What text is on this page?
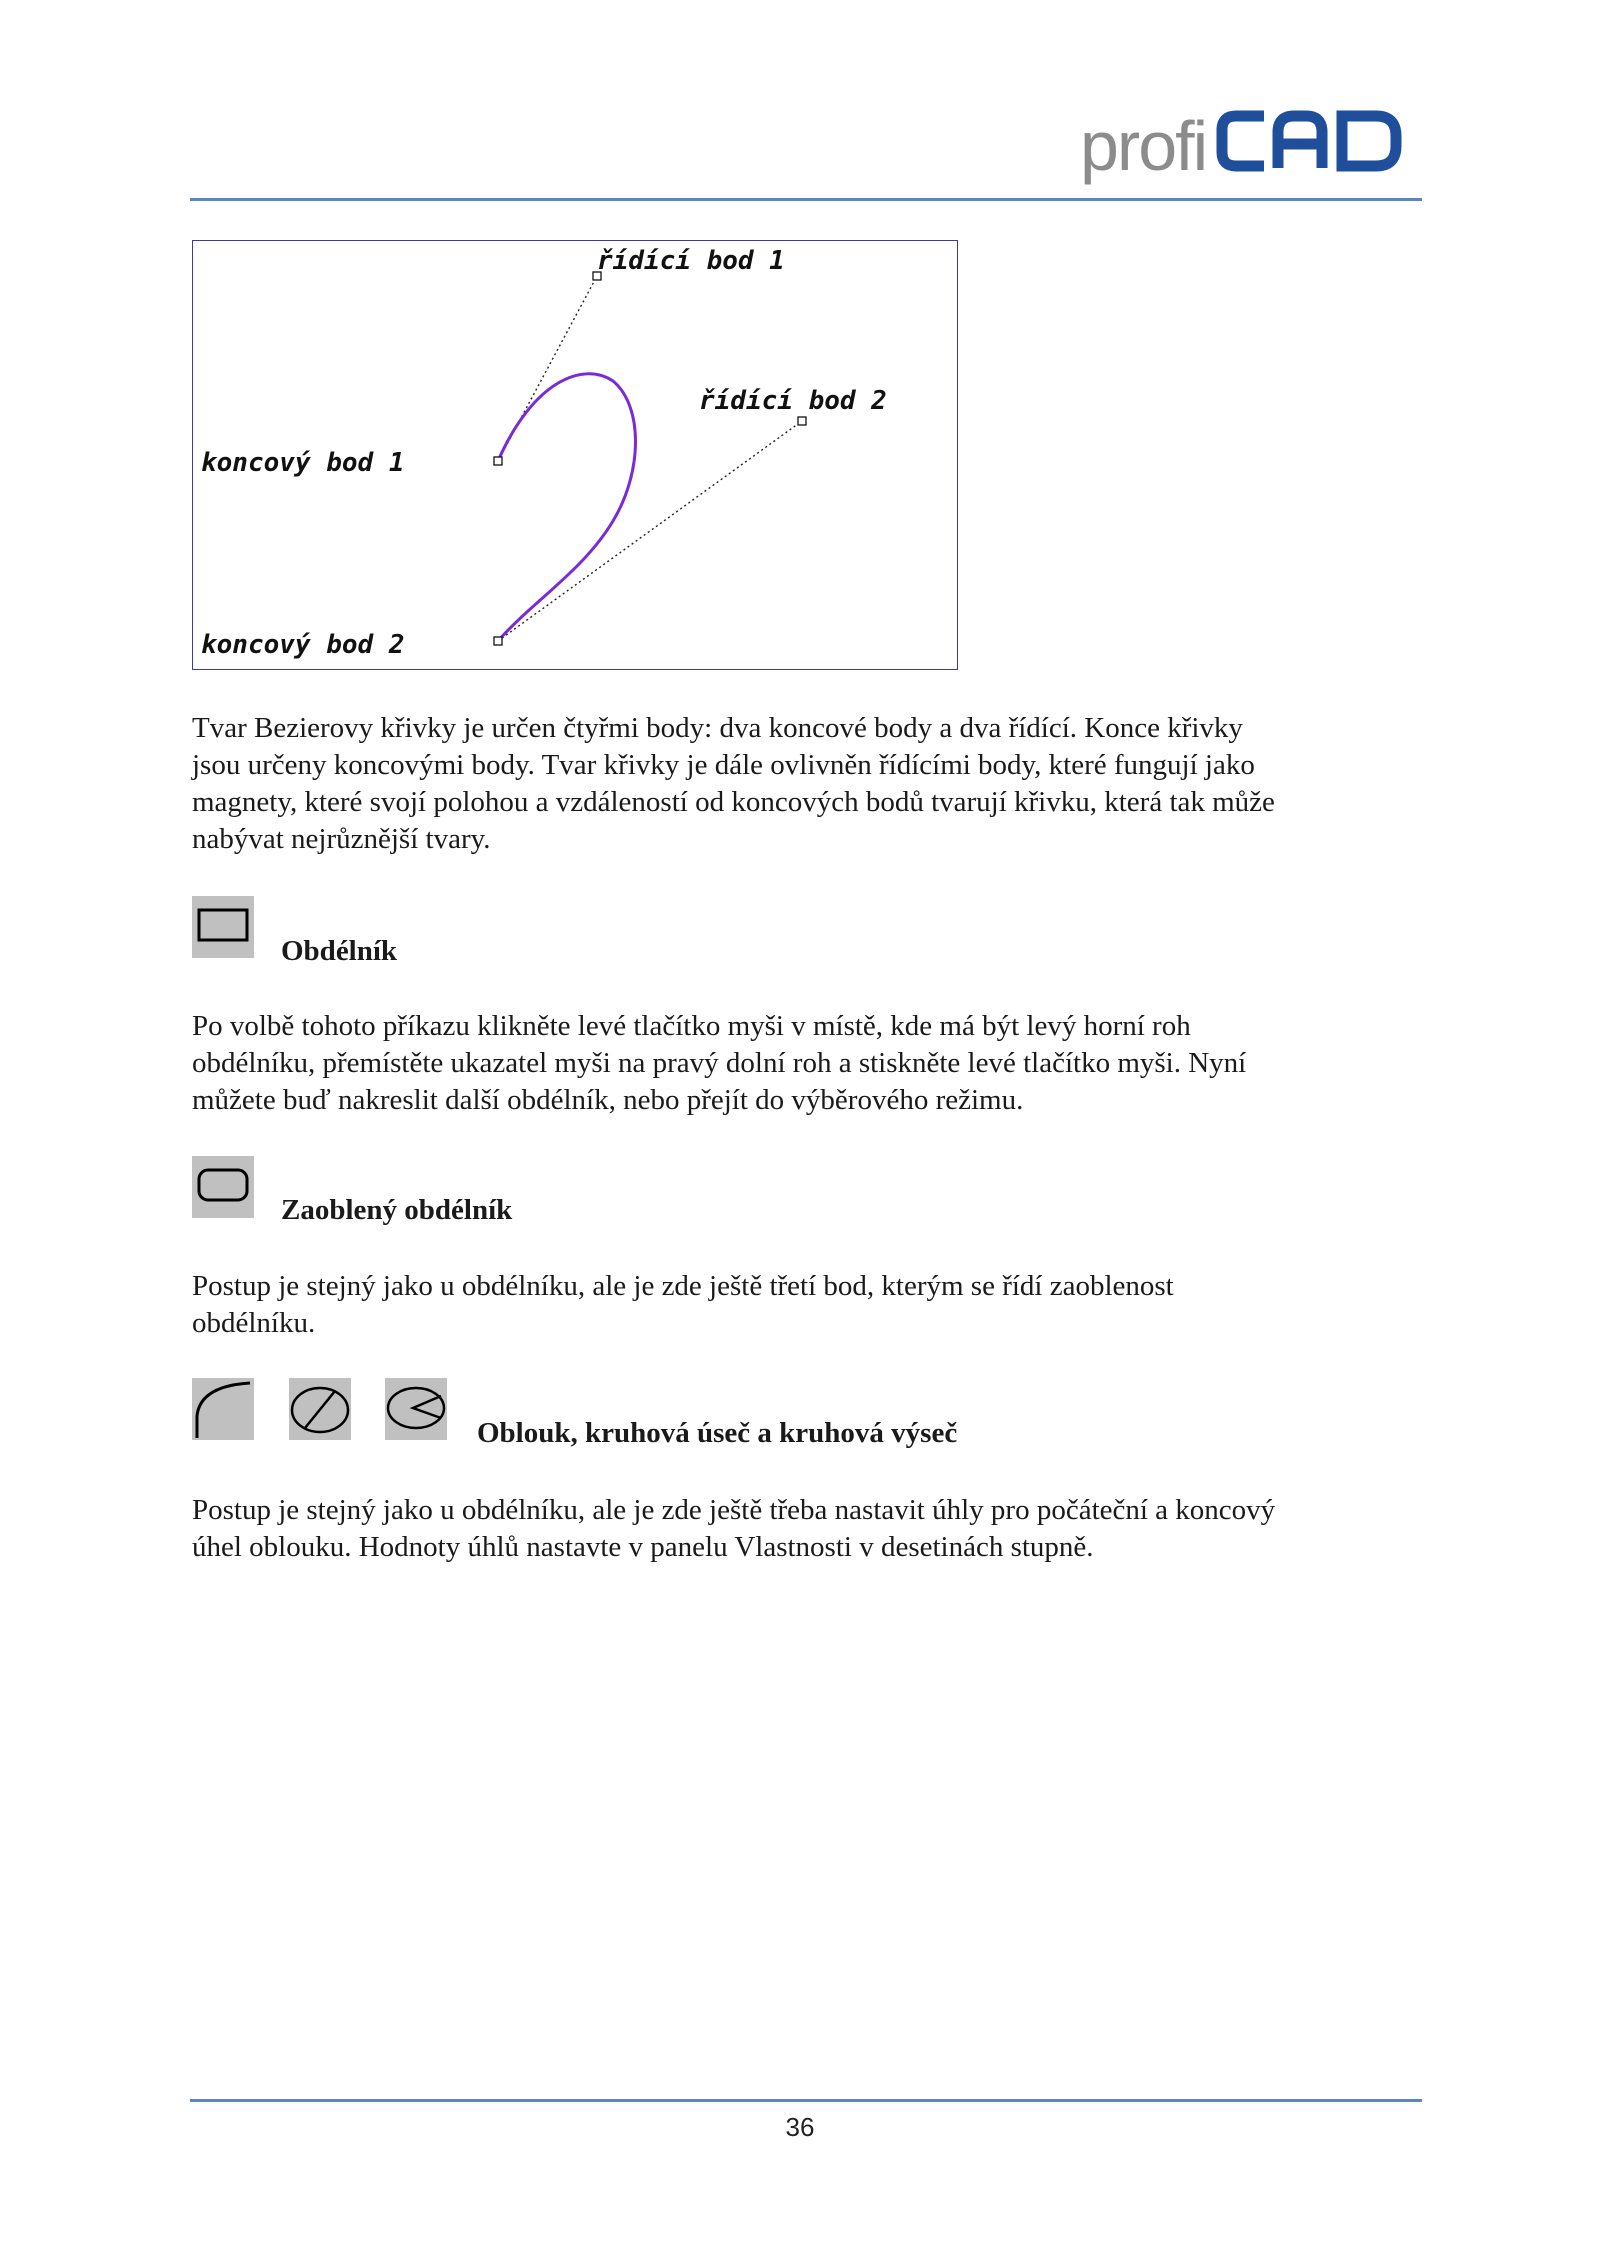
profi
řídící bod 1
řídící bod 2
koncový bod 1
koncový bod 2
Tvar Bezierovy křivky je určen čtyřmi body: dva koncové body a dva řídící. Konce křivky
jsou určeny koncovými body. Tvar křivky je dále ovlivněn řídícími body, které fungují jako
magnety, které svojí polohou a vzdáleností od koncových bodů tvarují křivku, která tak může
nabývat nejrůznější tvary.
Obdélník
Po volbě tohoto příkazu klikněte levé tlačítko myši v místě, kde má být levý horní roh
obdélníku, přemístěte ukazatel myši na pravý dolní roh a stiskněte levé tlačítko myši. Nyní
můžete buď nakreslit další obdélník, nebo přejít do výběrového režimu.
Zaoblený obdélník
Postup je stejný jako u obdélníku, ale je zde ještě třetí bod, kterým se řídí zaoblenost
obdélníku.
Oblouk, kruhová úseč a kruhová výseč
Postup je stejný jako u obdélníku, ale je zde ještě třeba nastavit úhly pro počáteční a koncový
úhel oblouku. Hodnoty úhlů nastavte v panelu Vlastnosti v desetinách stupně.
36
